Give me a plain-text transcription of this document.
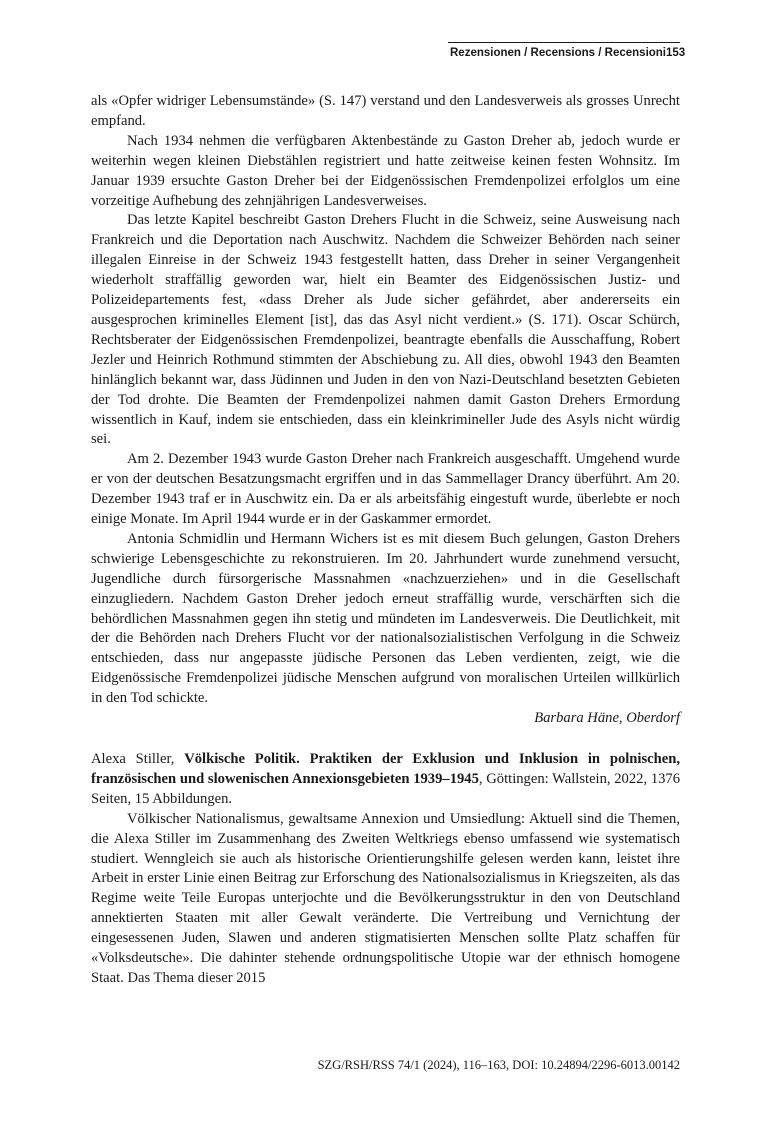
Rezensionen / Recensions / Recensioni 153

als «Opfer widriger Lebensumstände» (S. 147) verstand und den Landesverweis als grosses Unrecht empfand.

Nach 1934 nehmen die verfügbaren Aktenbestände zu Gaston Dreher ab, jedoch wurde er weiterhin wegen kleinen Diebstählen registriert und hatte zeitweise keinen festen Wohnsitz. Im Januar 1939 ersuchte Gaston Dreher bei der Eidgenössischen Fremdenpolizei erfolglos um eine vorzeitige Aufhebung des zehnjährigen Landesverweises.

Das letzte Kapitel beschreibt Gaston Drehers Flucht in die Schweiz, seine Ausweisung nach Frankreich und die Deportation nach Auschwitz. Nachdem die Schweizer Behörden nach seiner illegalen Einreise in der Schweiz 1943 festgestellt hatten, dass Dreher in seiner Vergangenheit wiederholt straffällig geworden war, hielt ein Beamter des Eidgenössischen Justiz- und Polizeidepartements fest, «dass Dreher als Jude sicher gefährdet, aber andererseits ein ausgesprochen kriminelles Element [ist], das das Asyl nicht verdient.» (S. 171). Oscar Schürch, Rechtsberater der Eidgenössischen Fremdenpolizei, beantragte ebenfalls die Ausschaffung, Robert Jezler und Heinrich Rothmund stimmten der Abschiebung zu. All dies, obwohl 1943 den Beamten hinlänglich bekannt war, dass Jüdinnen und Juden in den von Nazi-Deutschland besetzten Gebieten der Tod drohte. Die Beamten der Fremdenpolizei nahmen damit Gaston Drehers Ermordung wissentlich in Kauf, indem sie entschieden, dass ein kleinkrimineller Jude des Asyls nicht würdig sei.

Am 2. Dezember 1943 wurde Gaston Dreher nach Frankreich ausgeschafft. Umgehend wurde er von der deutschen Besatzungsmacht ergriffen und in das Sammellager Drancy überführt. Am 20. Dezember 1943 traf er in Auschwitz ein. Da er als arbeitsfähig eingestuft wurde, überlebte er noch einige Monate. Im April 1944 wurde er in der Gaskammer ermordet.

Antonia Schmidlin und Hermann Wichers ist es mit diesem Buch gelungen, Gaston Drehers schwierige Lebensgeschichte zu rekonstruieren. Im 20. Jahrhundert wurde zunehmend versucht, Jugendliche durch fürsorgerische Massnahmen «nachzuerziehen» und in die Gesellschaft einzugliedern. Nachdem Gaston Dreher jedoch erneut straffällig wurde, verschärften sich die behördlichen Massnahmen gegen ihn stetig und mündeten im Landesverweis. Die Deutlichkeit, mit der die Behörden nach Drehers Flucht vor der nationalsozialistischen Verfolgung in die Schweiz entschieden, dass nur angepasste jüdische Personen das Leben verdienten, zeigt, wie die Eidgenössische Fremdenpolizei jüdische Menschen aufgrund von moralischen Urteilen willkürlich in den Tod schickte.

Barbara Häne, Oberdorf

Alexa Stiller, Völkische Politik. Praktiken der Exklusion und Inklusion in polnischen, französischen und slowenischen Annexionsgebieten 1939–1945, Göttingen: Wallstein, 2022, 1376 Seiten, 15 Abbildungen.

Völkischer Nationalismus, gewaltsame Annexion und Umsiedlung: Aktuell sind die Themen, die Alexa Stiller im Zusammenhang des Zweiten Weltkriegs ebenso umfassend wie systematisch studiert. Wenngleich sie auch als historische Orientierungshilfe gelesen werden kann, leistet ihre Arbeit in erster Linie einen Beitrag zur Erforschung des Nationalsozialismus in Kriegszeiten, als das Regime weite Teile Europas unterjochte und die Bevölkerungsstruktur in den von Deutschland annektierten Staaten mit aller Gewalt veränderte. Die Vertreibung und Vernichtung der eingesessenen Juden, Slawen und anderen stigmatisierten Menschen sollte Platz schaffen für «Volksdeutsche». Die dahinter stehende ordnungspolitische Utopie war der ethnisch homogene Staat. Das Thema dieser 2015

SZG/RSH/RSS 74/1 (2024), 116–163, DOI: 10.24894/2296-6013.00142
